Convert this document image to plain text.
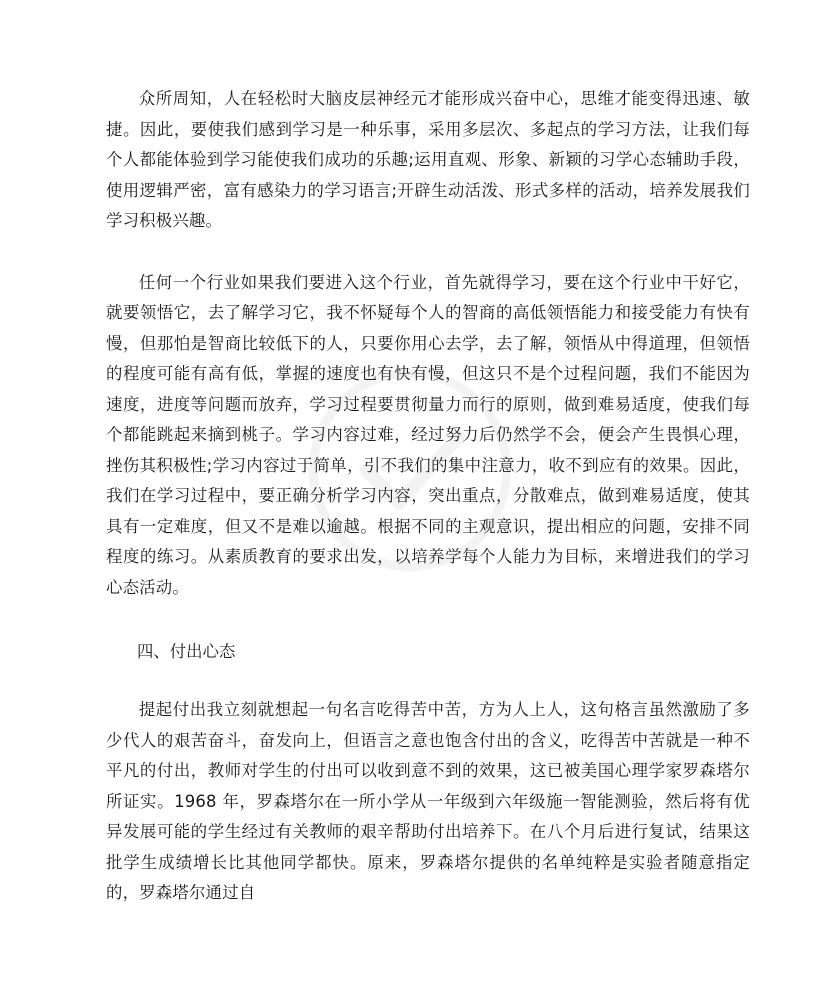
众所周知，人在轻松时大脑皮层神经元才能形成兴奋中心，思维才能变得迅速、敏捷。因此，要使我们感到学习是一种乐事，采用多层次、多起点的学习方法，让我们每个人都能体验到学习能使我们成功的乐趣;运用直观、形象、新颖的习学心态辅助手段，使用逻辑严密，富有感染力的学习语言;开辟生动活泼、形式多样的活动，培养发展我们学习积极兴趣。

任何一个行业如果我们要进入这个行业，首先就得学习，要在这个行业中干好它，就要领悟它，去了解学习它，我不怀疑每个人的智商的高低领悟能力和接受能力有快有慢，但那怕是智商比较低下的人，只要你用心去学，去了解，领悟从中得道理，但领悟的程度可能有高有低，掌握的速度也有快有慢，但这只不是个过程问题，我们不能因为速度，进度等问题而放弃，学习过程要贯彻量力而行的原则，做到难易适度，使我们每个都能跳起来摘到桃子。学习内容过难，经过努力后仍然学不会，便会产生畏惧心理，挫伤其积极性;学习内容过于简单，引不我们的集中注意力，收不到应有的效果。因此，我们在学习过程中，要正确分析学习内容，突出重点，分散难点，做到难易适度，使其具有一定难度，但又不是难以逾越。根据不同的主观意识，提出相应的问题，安排不同程度的练习。从素质教育的要求出发，以培养学每个人能力为目标，来增进我们的学习心态活动。

四、付出心态

提起付出我立刻就想起一句名言吃得苦中苦，方为人上人，这句格言虽然激励了多少代人的艰苦奋斗，奋发向上，但语言之意也饱含付出的含义，吃得苦中苦就是一种不平凡的付出，教师对学生的付出可以收到意不到的效果，这已被美国心理学家罗森塔尔所证实。1968 年，罗森塔尔在一所小学从一年级到六年级施一智能测验，然后将有优异发展可能的学生经过有关教师的艰辛帮助付出培养下。在八个月后进行复试，结果这批学生成绩增长比其他同学都快。原来，罗森塔尔提供的名单纯粹是实验者随意指定的，罗森塔尔通过自
